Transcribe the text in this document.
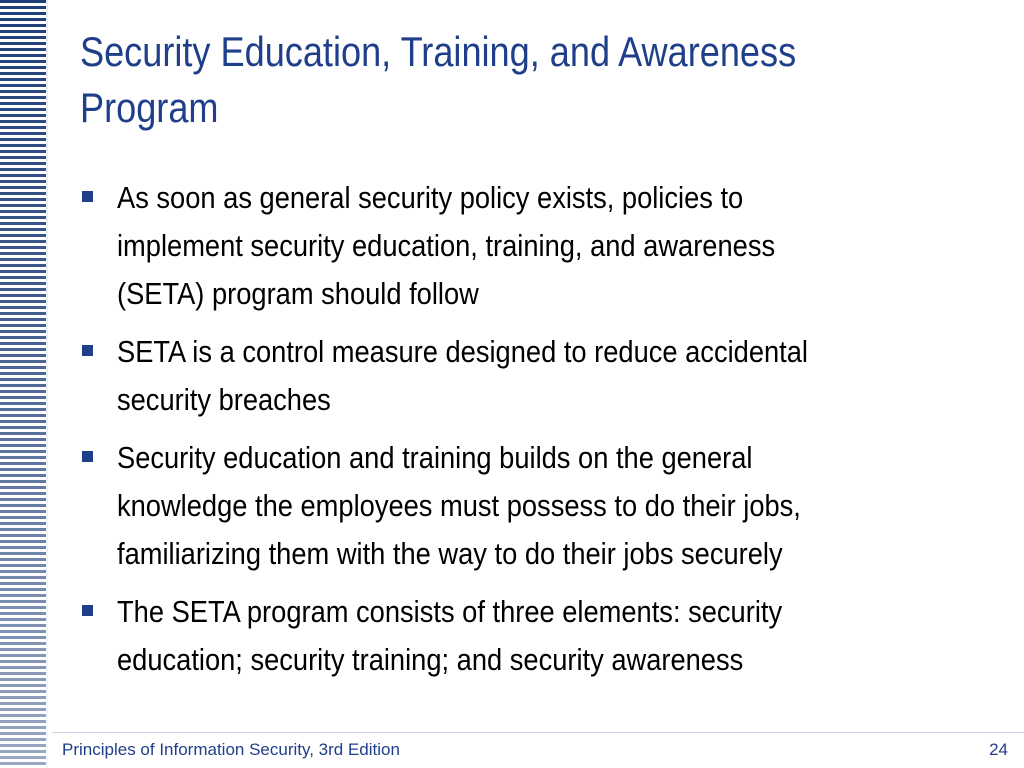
Security Education, Training, and Awareness
Program
As soon as general security policy exists, policies to
implement security education, training, and awareness
(SETA) program should follow
SETA is a control measure designed to reduce accidental
security breaches
Security education and training builds on the general
knowledge the employees must possess to do their jobs,
familiarizing them with the way to do their jobs securely
The SETA program consists of three elements: security
education; security training; and security awareness
Principles of Information Security, 3rd Edition	24
